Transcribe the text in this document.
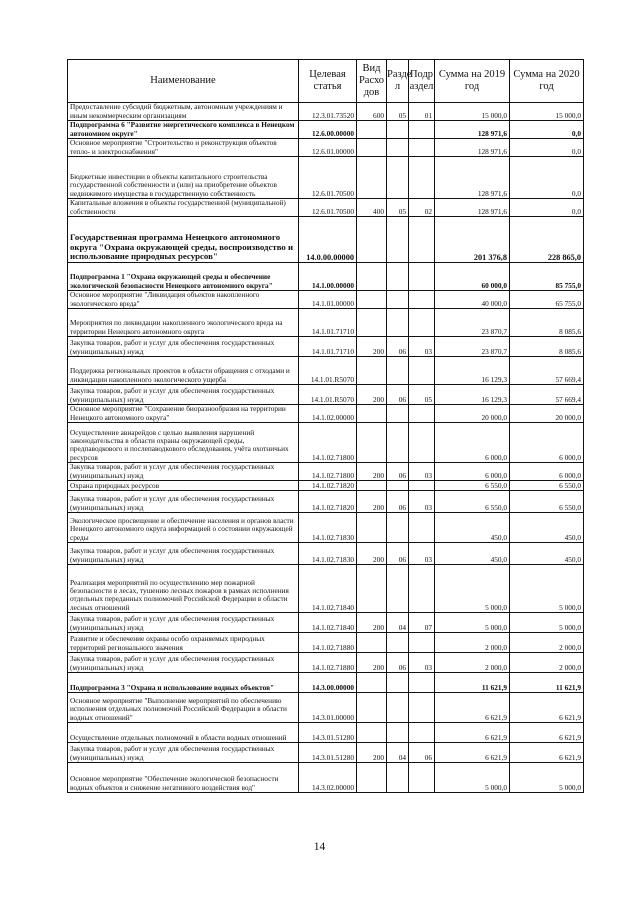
Наименование	Целевая статья	Вид Расхо дов	Разде л	Подр аздел	Сумма на 2019 год	Сумма на 2020 год
Предоставление субсидий бюджетным, автономным учреждениям и иным некоммерческим организациям	12.3.01.73520	600	05	01	15 000,0	15 000,0
Подпрограмма 6 "Развитие энергетического комплекса в Ненецком автономном округе"	12.6.00.00000				128 971,6	0,0
Основное мероприятие "Строительство и реконструкция объектов тепло- и электроснабжения"	12.6.01.00000				128 971,6	0,0
Бюджетные инвестиции в объекты капитального строительства государственной собственности и (или) на приобретение объектов недвижимого имущества в государственную собственность	12.6.01.70500				128 971,6	0,0
Капитальные вложения в объекты государственной (муниципальной) собственности	12.6.01.70500	400	05	02	128 971,6	0,0
Государственная программа Ненецкого автономного округа "Охрана окружающей среды, воспроизводство и использование природных ресурсов"	14.0.00.00000				201 376,8	228 865,0
Подпрограмма 1 "Охрана окружающей среды и обеспечение экологической безопасности Ненецкого автономного округа"	14.1.00.00000				60 000,0	85 755,0
Основное мероприятие "Ликвидация объектов накопленного экологического вреда"	14.1.01.00000				40 000,0	65 755,0
Мероприятия по ликвидации накопленного экологического вреда на территории Ненецкого автономного округа	14.1.01.71710				23 870,7	8 085,6
Закупка товаров, работ и услуг для обеспечения государственных (муниципальных) нужд	14.1.01.71710	200	06	03	23 870,7	8 085,6
Поддержка региональных проектов в области обращения с отходами и ликвидации накопленного экологического ущерба	14.1.01.R5070				16 129,3	57 669,4
Закупка товаров, работ и услуг для обеспечения государственных (муниципальных) нужд	14.1.01.R5070	200	06	05	16 129,3	57 669,4
Основное мероприятие "Сохранение биоразнообразия на территории Ненецкого автономного округа"	14.1.02.00000				20 000,0	20 000,0
Осуществление авиарейдов с целью выявления нарушений законодательства в области охраны окружающей среды, предпаводкового и послепаводкового обследования, учёта охотничьих ресурсов	14.1.02.71800				6 000,0	6 000,0
Закупка товаров, работ и услуг для обеспечения государственных (муниципальных) нужд	14.1.02.71800	200	06	03	6 000,0	6 000,0
Охрана природных ресурсов	14.1.02.71820				6 550,0	6 550,0
Закупка товаров, работ и услуг для обеспечения государственных (муниципальных) нужд	14.1.02.71820	200	06	03	6 550,0	6 550,0
Экологическое просвещение и обеспечение населения и органов власти Ненецкого автономного округа информацией о состоянии окружающей среды	14.1.02.71830				450,0	450,0
Закупка товаров, работ и услуг для обеспечения государственных (муниципальных) нужд	14.1.02.71830	200	06	03	450,0	450,0
Реализация мероприятий по осуществлению мер пожарной безопасности в лесах, тушению лесных пожаров в рамках исполнения отдельных переданных полномочий Российской Федерации в области лесных отношений	14.1.02.71840				5 000,0	5 000,0
Закупка товаров, работ и услуг для обеспечения государственных (муниципальных) нужд	14.1.02.71840	200	04	07	5 000,0	5 000,0
Развитие и обеспечение охраны особо охраняемых природных территорий регионального значения	14.1.02.71880				2 000,0	2 000,0
Закупка товаров, работ и услуг для обеспечения государственных (муниципальных) нужд	14.1.02.71880	200	06	03	2 000,0	2 000,0
Подпрограмма 3 "Охрана и использование водных объектов"	14.3.00.00000				11 621,9	11 621,9
Основное мероприятие "Выполнение мероприятий по обеспечению исполнения отдельных полномочий Российской Федерации в области водных отношений"	14.3.01.00000				6 621,9	6 621,9
Осуществление отдельных полномочий в области водных отношений	14.3.01.51280				6 621,9	6 621,9
Закупка товаров, работ и услуг для обеспечения государственных (муниципальных) нужд	14.3.01.51280	200	04	06	6 621,9	6 621,9
Основное мероприятие "Обеспечение экологической безопасности водных объектов и снижение негативного воздействия вод"	14.3.02.00000				5 000,0	5 000,0
14
